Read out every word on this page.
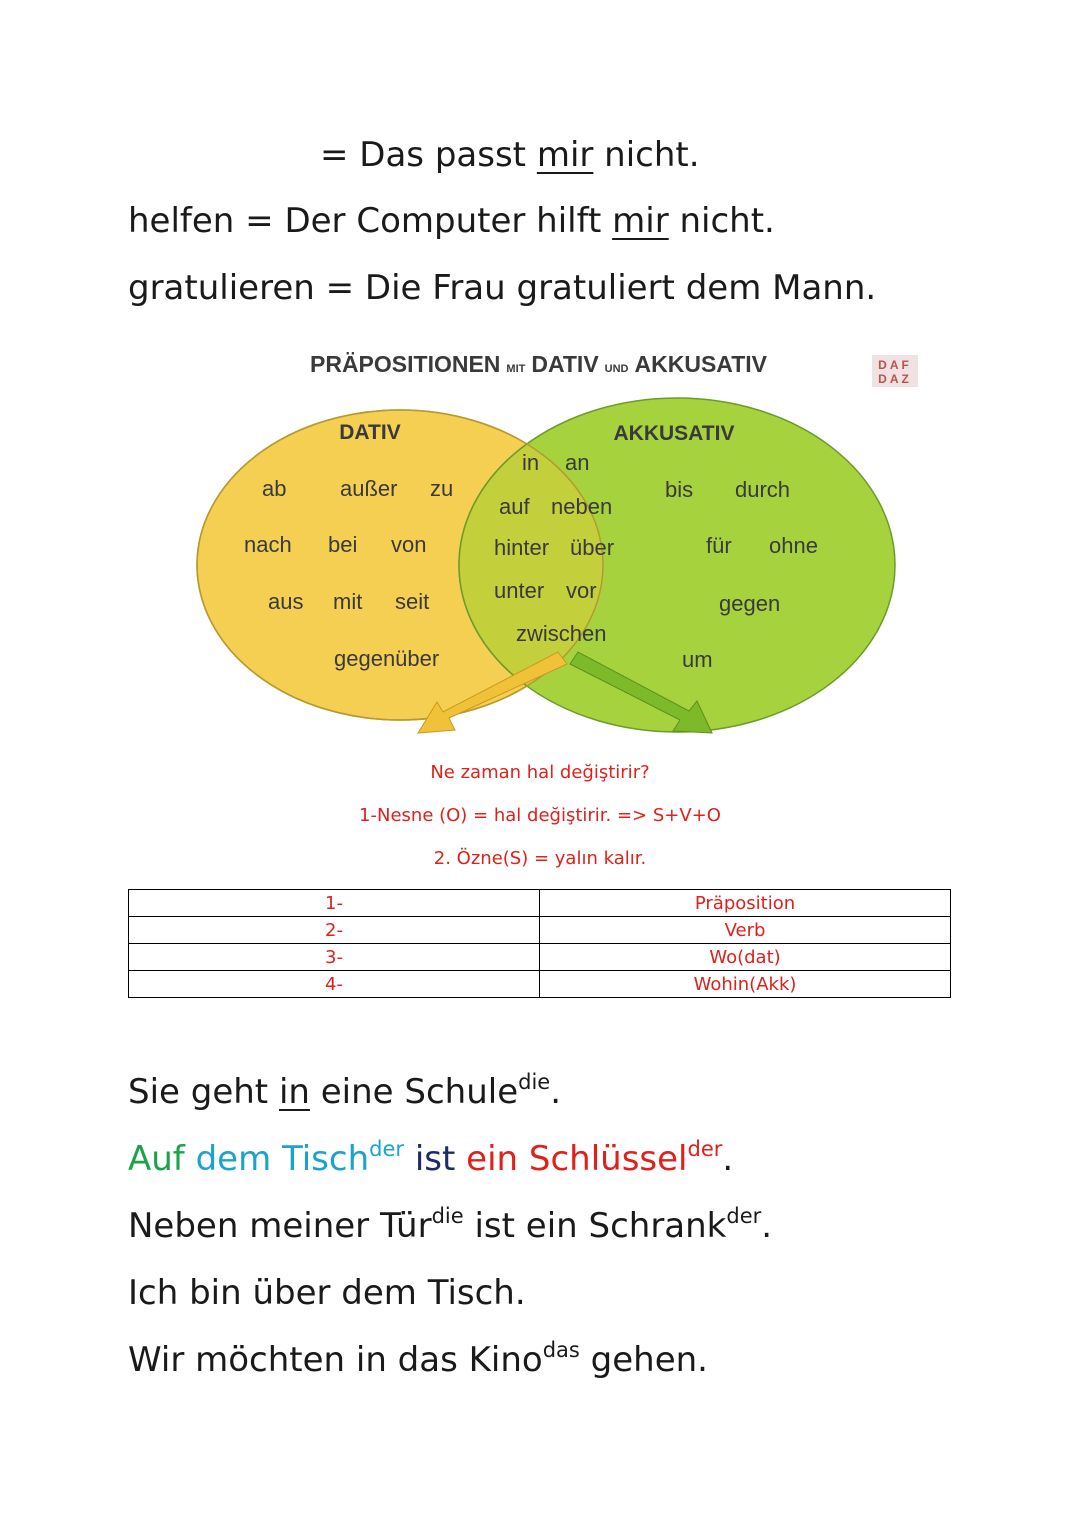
= Das passt mir nicht.
helfen = Der Computer hilft mir nicht.
gratulieren = Die Frau gratuliert dem Mann.
PRÄPOSITIONEN MIT DATIV UND AKKUSATIV	DAF
DAZ
DATIV	AKKUSATIV
ab außer zu
nach bei von
aus mit seit
gegenüber
in an
auf neben
hinter über
unter vor
zwischen
bis durch
für ohne
gegen
um
Ne zaman hal değiştirir?
1-Nesne (O) = hal değiştirir. => S+V+O
2. Özne(S) = yalın kalır.
1-	Präposition
2-	Verb
3-	Wo(dat)
4-	Wohin(Akk)
Sie geht in eine Schule$^{die}$.
Auf dem Tisch$^{der}$ ist ein Schlüssel$^{der}$.
Neben meiner Tür$^{die}$ ist ein Schrank$^{der}$.
Ich bin über dem Tisch.
Wir möchten in das Kino$^{das}$ gehen.
